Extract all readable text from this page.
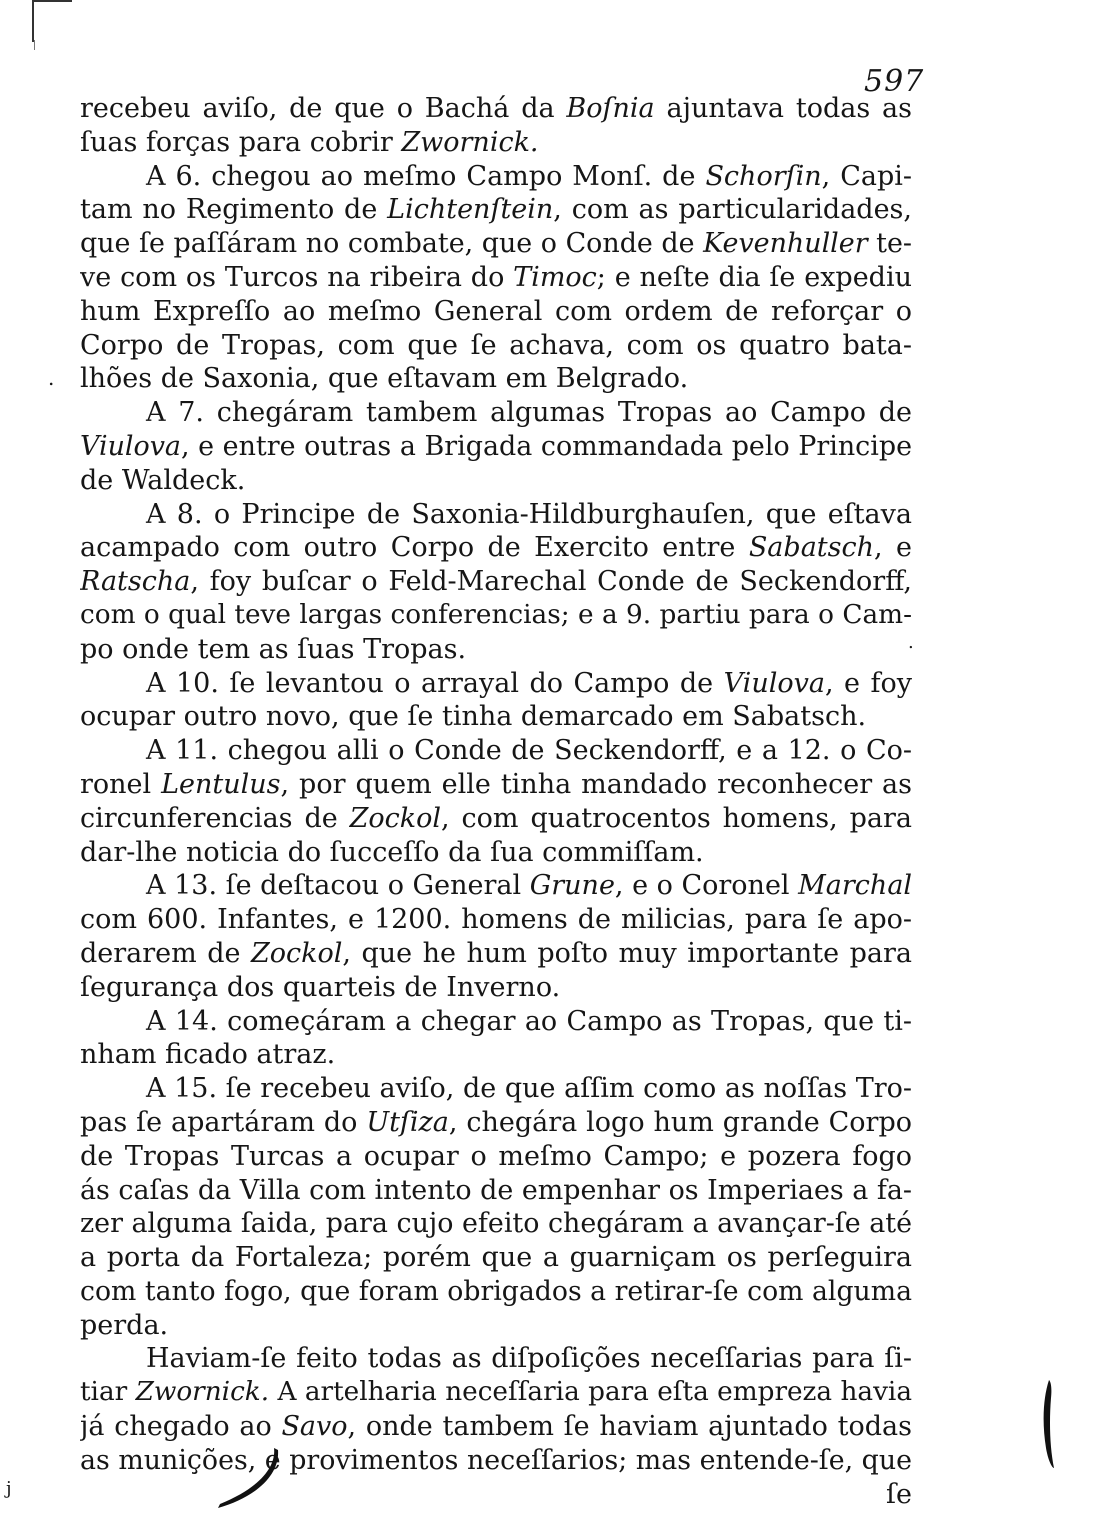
597
.
.
recebeu aviſo, de que o Bachá da Boſnia ajuntava todas as
ſuas forças para cobrir Zwornick.
A 6. chegou ao meſmo Campo Monſ. de Schorſin, Capi-
tam no Regimento de Lichtenſtein, com as particularidades,
que ſe paſſáram no combate, que o Conde de Kevenhuller te-
ve com os Turcos na ribeira do Timoc; e neſte dia ſe expediu
hum Expreſſo ao meſmo General com ordem de reforçar o
Corpo de Tropas, com que ſe achava, com os quatro bata-
lhões de Saxonia, que eſtavam em Belgrado.
A 7. chegáram tambem algumas Tropas ao Campo de
Viulova, e entre outras a Brigada commandada pelo Principe
de Waldeck.
A 8. o Principe de Saxonia-Hildburghauſen, que eſtava
acampado com outro Corpo de Exercito entre Sabatsch, e
Ratscha, foy buſcar o Feld-Marechal Conde de Seckendorff,
com o qual teve largas conferencias; e a 9. partiu para o Cam-
po onde tem as ſuas Tropas.
A 10. ſe levantou o arrayal do Campo de Viulova, e foy
ocupar outro novo, que ſe tinha demarcado em Sabatsch.
A 11. chegou alli o Conde de Seckendorff, e a 12. o Co-
ronel Lentulus, por quem elle tinha mandado reconhecer as
circunferencias de Zockol, com quatrocentos homens, para
dar-lhe noticia do ſucceſſo da ſua commiſſam.
A 13. ſe deſtacou o General Grune, e o Coronel Marchal
com 600. Infantes, e 1200. homens de milicias, para ſe apo-
derarem de Zockol, que he hum poſto muy importante para
ſegurança dos quarteis de Inverno.
A 14. começáram a chegar ao Campo as Tropas, que ti-
nham ficado atraz.
A 15. ſe recebeu aviſo, de que aſſim como as noſſas Tro-
pas ſe apartáram do Utſiza, chegára logo hum grande Corpo
de Tropas Turcas a ocupar o meſmo Campo; e pozera fogo
ás caſas da Villa com intento de empenhar os Imperiaes a fa-
zer alguma ſaida, para cujo efeito chegáram a avançar-ſe até
a porta da Fortaleza; porém que a guarniçam os perſeguira
com tanto fogo, que foram obrigados a retirar-ſe com alguma
perda.
Haviam-ſe feito todas as diſpoſições neceſſarias para ſi-
tiar Zwornick. A artelharia neceſſaria para eſta empreza havia
já chegado ao Savo, onde tambem ſe haviam ajuntado todas
as munições, e provimentos neceſſarios; mas entende-ſe, que
ſe
j
